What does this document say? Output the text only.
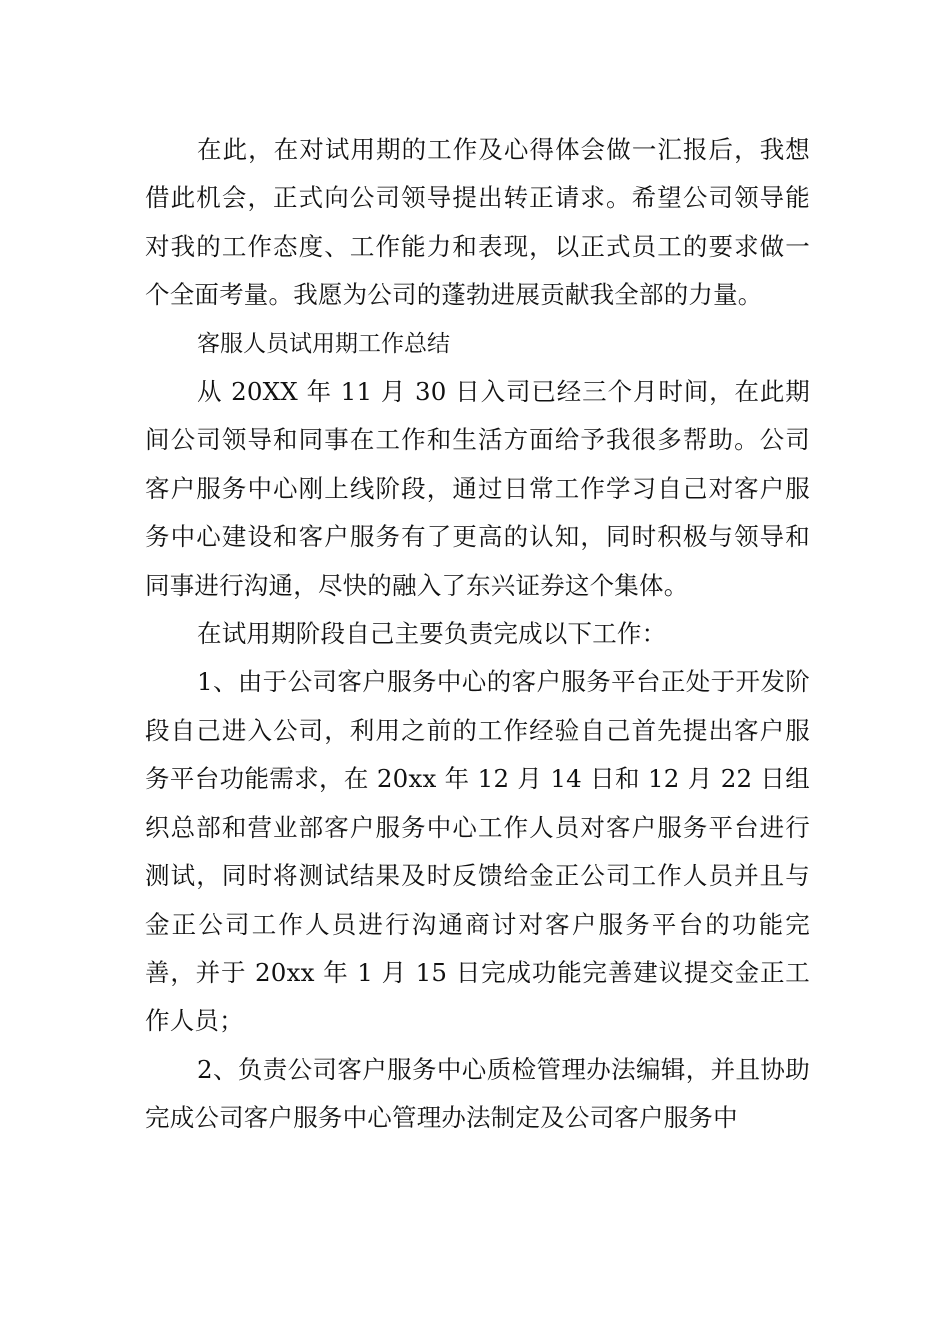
在此，在对试用期的工作及心得体会做一汇报后，我想借此机会，正式向公司领导提出转正请求。希望公司领导能对我的工作态度、工作能力和表现，以正式员工的要求做一个全面考量。我愿为公司的蓬勃进展贡献我全部的力量。

客服人员试用期工作总结

从 20XX 年 11 月 30 日入司已经三个月时间，在此期间公司领导和同事在工作和生活方面给予我很多帮助。公司客户服务中心刚上线阶段，通过日常工作学习自己对客户服务中心建设和客户服务有了更高的认知，同时积极与领导和同事进行沟通，尽快的融入了东兴证券这个集体。

在试用期阶段自己主要负责完成以下工作：

1、由于公司客户服务中心的客户服务平台正处于开发阶段自己进入公司，利用之前的工作经验自己首先提出客户服务平台功能需求，在 20xx 年 12 月 14 日和 12 月 22 日组织总部和营业部客户服务中心工作人员对客户服务平台进行测试，同时将测试结果及时反馈给金正公司工作人员并且与金正公司工作人员进行沟通商讨对客户服务平台的功能完善，并于 20xx 年 1 月 15 日完成功能完善建议提交金正工作人员；

2、负责公司客户服务中心质检管理办法编辑，并且协助完成公司客户服务中心管理办法制定及公司客户服务中
